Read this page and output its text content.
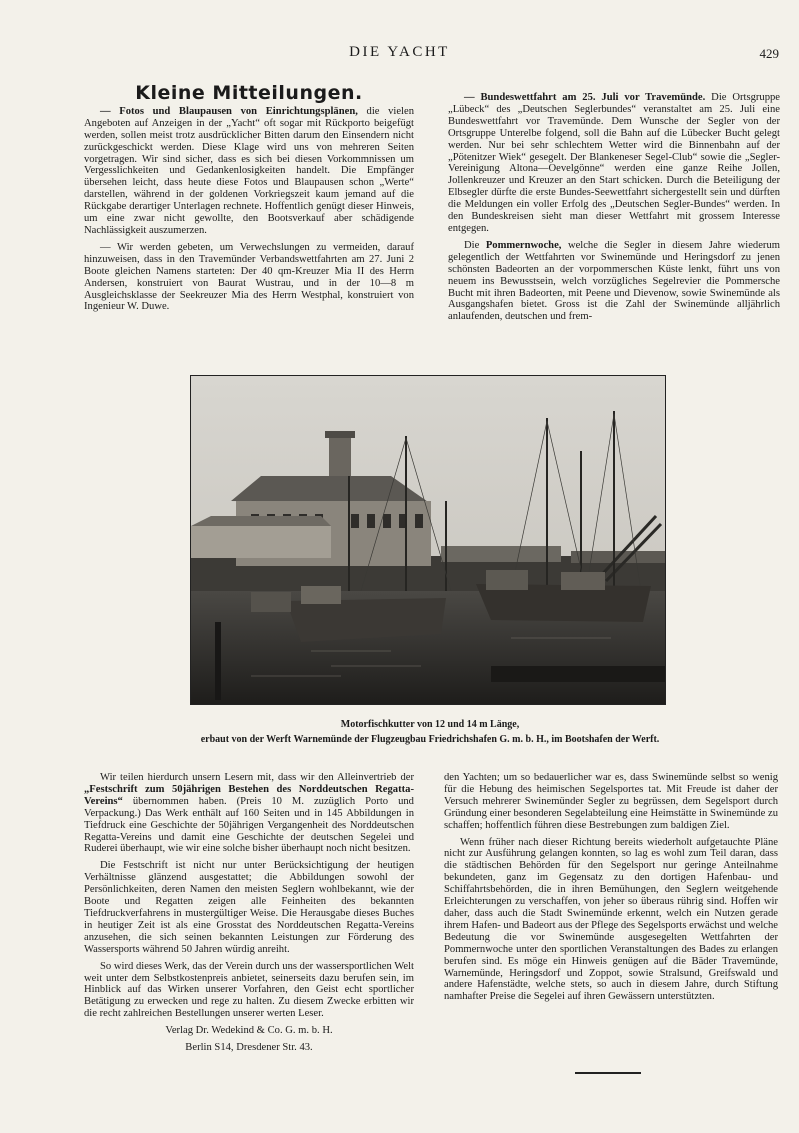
DIE YACHT	429
Kleine Mitteilungen.

— Fotos und Blaupausen von Einrichtungsplänen, die vielen Angeboten auf Anzeigen in der „Yacht“ oft sogar mit Rückporto beigefügt werden, sollen meist trotz ausdrücklicher Bitten darum den Einsendern nicht zurückgeschickt werden. Diese Klage wird uns von mehreren Seiten vorgetragen. Wir sind sicher, dass es sich bei diesen Vorkommnissen um Vergesslichkeiten und Gedankenlosigkeiten handelt. Die Empfänger übersehen leicht, dass heute diese Fotos und Blaupausen schon „Werte“ darstellen, während in der goldenen Vorkriegszeit kaum jemand auf die Rückgabe derartiger Unterlagen rechnete. Hoffentlich genügt dieser Hinweis, um eine zwar nicht gewollte, den Bootsverkauf aber schädigende Nachlässigkeit auszumerzen.

— Wir werden gebeten, um Verwechslungen zu vermeiden, darauf hinzuweisen, dass in den Travemünder Verbandswettfahrten am 27. Juni 2 Boote gleichen Namens starteten: Der 40 qm-Kreuzer Mia II des Herrn Andersen, konstruiert von Baurat Wustrau, und in der 10—8 m Ausgleichsklasse der Seekreuzer Mia des Herrn Westphal, konstruiert von Ingenieur W. Duwe.

— Bundeswettfahrt am 25. Juli vor Travemünde. Die Ortsgruppe „Lübeck“ des „Deutschen Seglerbundes“ veranstaltet am 25. Juli eine Bundeswettfahrt vor Travemünde. Dem Wunsche der Segler von der Ortsgruppe Unterelbe folgend, soll die Bahn auf die Lübecker Bucht gelegt werden. Nur bei sehr schlechtem Wetter wird die Binnenbahn auf der „Pötenitzer Wiek“ gesegelt. Der Blankeneser Segel-Club“ sowie die „Segler-Vereinigung Altona—Oevelgönne“ werden eine ganze Reihe Jollen, Jollenkreuzer und Kreuzer an den Start schicken. Durch die Beteiligung der Elbsegler dürfte die erste Bundes-Seewettfahrt sichergestellt sein und dürften die Meldungen ein voller Erfolg des „Deutschen Segler-Bundes“ werden. In den Bundeskreisen sieht man dieser Wettfahrt mit grossem Interesse entgegen.

Die Pommernwoche, welche die Segler in diesem Jahre wiederum gelegentlich der Wettfahrten vor Swinemünde und Heringsdorf zu jenen schönsten Badeorten an der vorpommerschen Küste lenkt, führt uns von neuem ins Bewusstsein, welch vorzügliches Segelrevier die Pommersche Bucht mit ihren Badeorten, mit Peene und Dievenow, sowie Swinemünde als Ausgangshafen bietet. Gross ist die Zahl der Swinemünde alljährlich anlaufenden, deutschen und frem-

Motorfischkutter von 12 und 14 m Länge,
erbaut von der Werft Warnemünde der Flugzeugbau Friedrichshafen G. m. b. H., im Bootshafen der Werft.

Wir teilen hierdurch unsern Lesern mit, dass wir den Alleinvertrieb der „Festschrift zum 50jährigen Bestehen des Norddeutschen Regatta-Vereins“ übernommen haben. (Preis 10 M. zuzüglich Porto und Verpackung.) Das Werk enthält auf 160 Seiten und in 145 Abbildungen in Tiefdruck eine Geschichte der 50jährigen Vergangenheit des Norddeutschen Regatta-Vereins und damit eine Geschichte der deutschen Segelei und Ruderei überhaupt, wie wir eine solche bisher überhaupt noch nicht besitzen.

Die Festschrift ist nicht nur unter Berücksichtigung der heutigen Verhältnisse glänzend ausgestattet; die Abbildungen sowohl der Persönlichkeiten, deren Namen den meisten Seglern wohlbekannt, wie der Boote und Regatten zeigen alle Feinheiten des bekannten Tiefdruckverfahrens in mustergültiger Weise. Die Herausgabe dieses Buches in heutiger Zeit ist als eine Grosstat des Norddeutschen Regatta-Vereins anzusehen, die sich seinen bekannten Leistungen zur Förderung des Wassersports während 50 Jahren würdig anreiht.

So wird dieses Werk, das der Verein durch uns der wassersportlichen Welt weit unter dem Selbstkostenpreis anbietet, seinerseits dazu berufen sein, im Hinblick auf das Wirken unserer Vorfahren, den Geist echt sportlicher Betätigung zu erwecken und rege zu halten. Zu diesem Zwecke erbitten wir die recht zahlreichen Bestellungen unserer werten Leser.

Verlag Dr. Wedekind & Co. G. m. b. H.

Berlin S14, Dresdener Str. 43.

den Yachten; um so bedauerlicher war es, dass Swinemünde selbst so wenig für die Hebung des heimischen Segelsportes tat. Mit Freude ist daher der Versuch mehrerer Swinemünder Segler zu begrüssen, dem Segelsport durch Gründung einer besonderen Segelabteilung eine Heimstätte in Swinemünde zu schaffen; hoffentlich führen diese Bestrebungen zum baldigen Ziel.

Wenn früher nach dieser Richtung bereits wiederholt aufgetauchte Pläne nicht zur Ausführung gelangen konnten, so lag es wohl zum Teil daran, dass die städtischen Behörden für den Segelsport nur geringe Anteilnahme bekundeten, ganz im Gegensatz zu den dortigen Hafenbau- und Schiffahrtsbehörden, die in ihren Bemühungen, den Seglern weitgehende Erleichterungen zu verschaffen, von jeher so überaus rührig sind. Hoffen wir daher, dass auch die Stadt Swinemünde erkennt, welch ein Nutzen gerade ihrem Hafen- und Badeort aus der Pflege des Segelsports erwächst und welche Bedeutung die vor Swinemünde ausgesegelten Wettfahrten der Pommernwoche unter den sportlichen Veranstaltungen des Bades zu erlangen berufen sind. Es möge ein Hinweis genügen auf die Bäder Travemünde, Warnemünde, Heringsdorf und Zoppot, sowie Stralsund, Greifswald und andere Hafenstädte, welche stets, so auch in diesem Jahre, durch Stiftung namhafter Preise die Segelei auf ihren Gewässern unterstützten.
